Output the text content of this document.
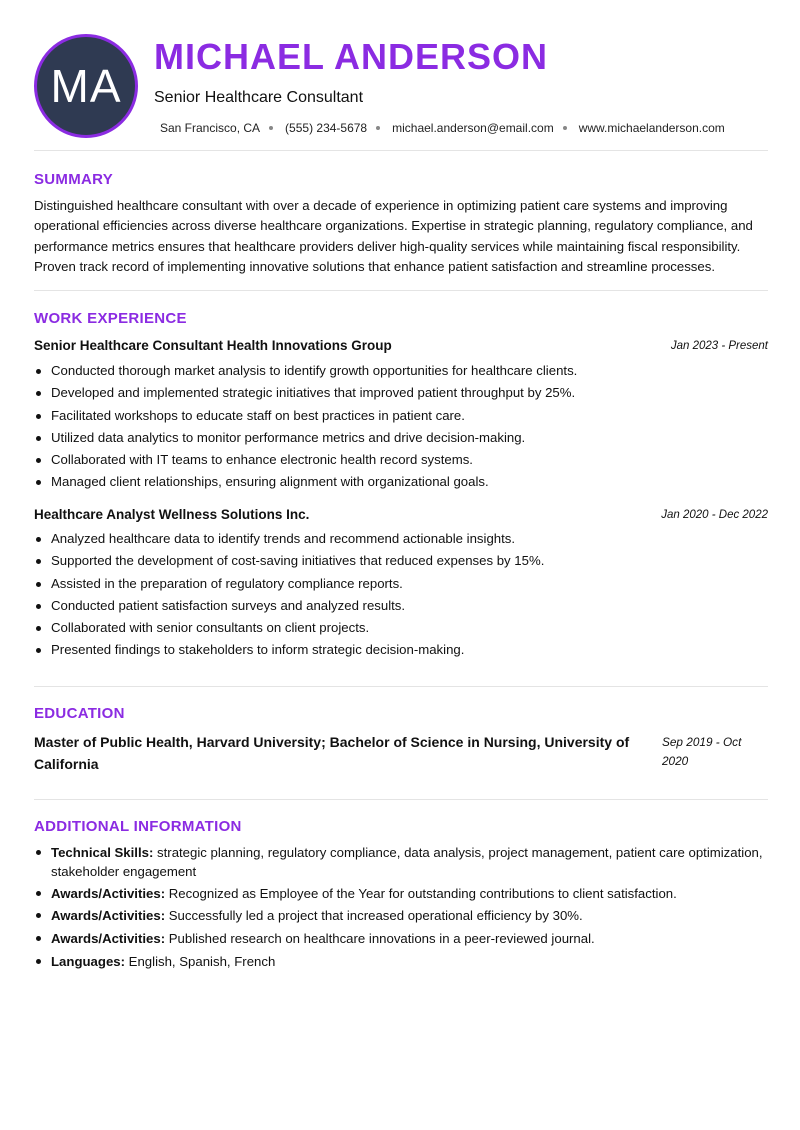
MA
MICHAEL ANDERSON
Senior Healthcare Consultant
San Francisco, CA (555) 234-5678 michael.anderson@email.com www.michaelanderson.com
SUMMARY

Distinguished healthcare consultant with over a decade of experience in optimizing patient care systems and improving operational efficiencies across diverse healthcare organizations. Expertise in strategic planning, regulatory compliance, and performance metrics ensures that healthcare providers deliver high-quality services while maintaining fiscal responsibility. Proven track record of implementing innovative solutions that enhance patient satisfaction and streamline processes.

WORK EXPERIENCE
Senior Healthcare Consultant Health Innovations Group	Jan 2023 - Present
Conducted thorough market analysis to identify growth opportunities for healthcare clients.
Developed and implemented strategic initiatives that improved patient throughput by 25%.
Facilitated workshops to educate staff on best practices in patient care.
Utilized data analytics to monitor performance metrics and drive decision-making.
Collaborated with IT teams to enhance electronic health record systems.
Managed client relationships, ensuring alignment with organizational goals.
Healthcare Analyst Wellness Solutions Inc.	Jan 2020 - Dec 2022
Analyzed healthcare data to identify trends and recommend actionable insights.
Supported the development of cost-saving initiatives that reduced expenses by 15%.
Assisted in the preparation of regulatory compliance reports.
Conducted patient satisfaction surveys and analyzed results.
Collaborated with senior consultants on client projects.
Presented findings to stakeholders to inform strategic decision-making.
EDUCATION
Master of Public Health, Harvard University; Bachelor of Science in Nursing, University of California
Sep 2019 - Oct 2020
ADDITIONAL INFORMATION
Technical Skills: strategic planning, regulatory compliance, data analysis, project management, patient care optimization, stakeholder engagement
Awards/Activities: Recognized as Employee of the Year for outstanding contributions to client satisfaction.
Awards/Activities: Successfully led a project that increased operational efficiency by 30%.
Awards/Activities: Published research on healthcare innovations in a peer-reviewed journal.
Languages: English, Spanish, French
